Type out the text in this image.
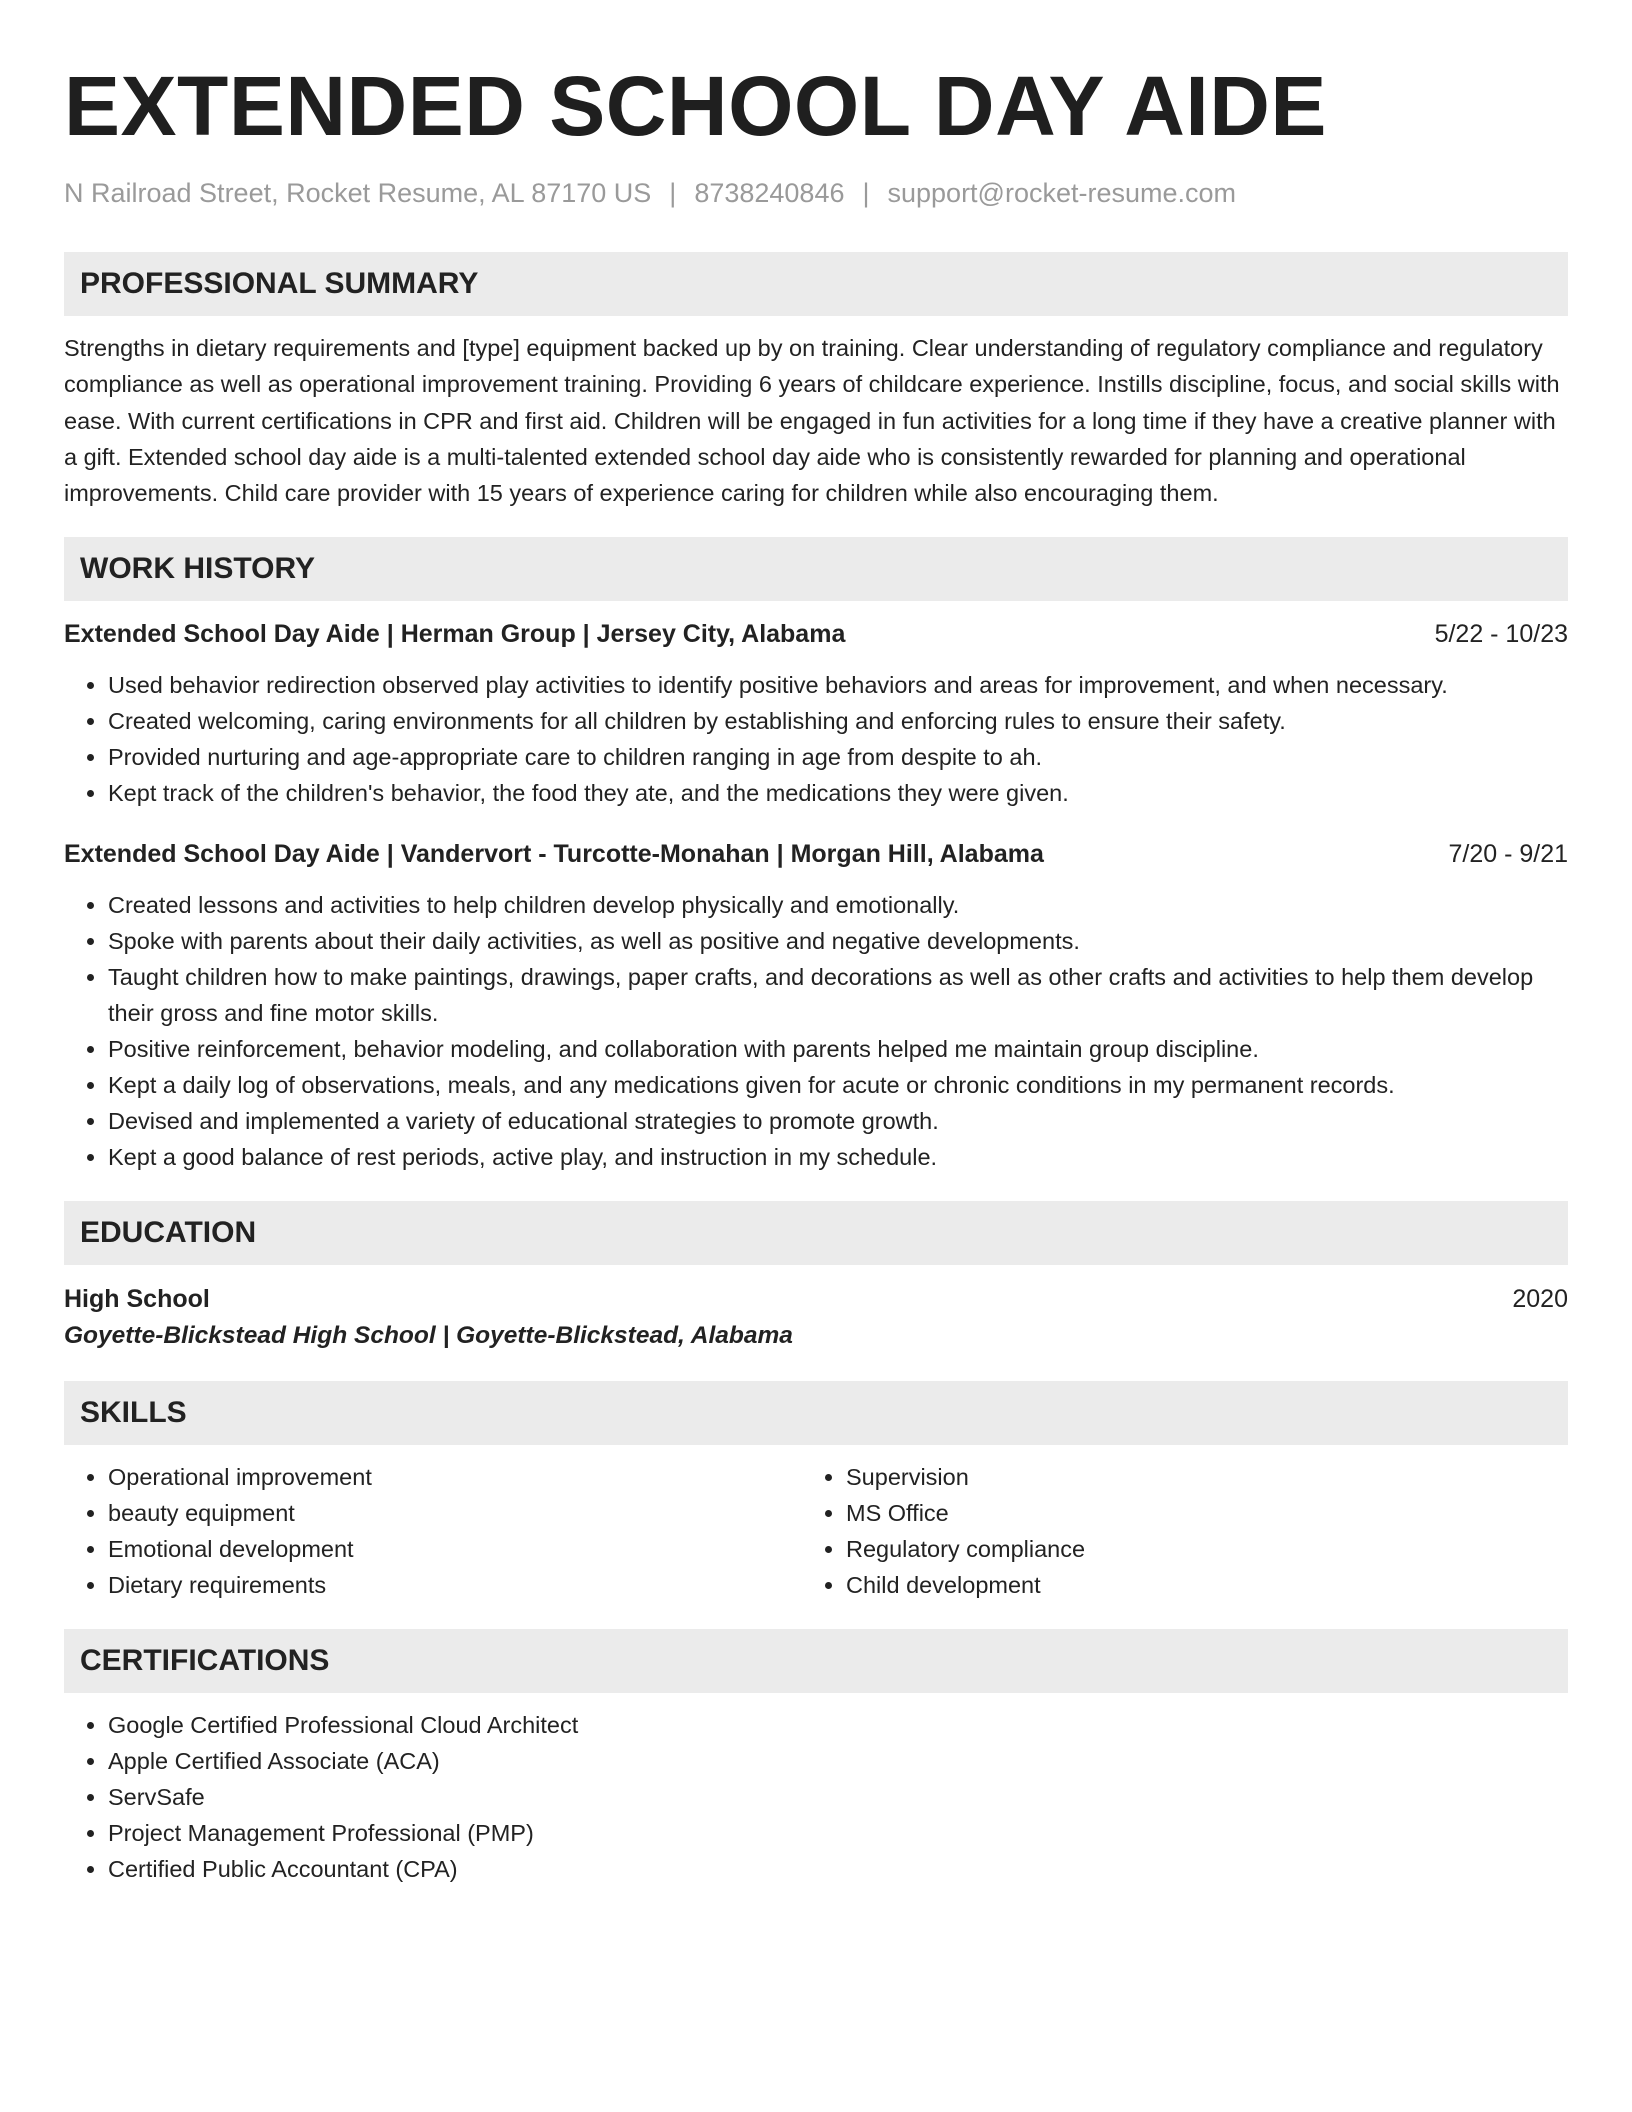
EXTENDED SCHOOL DAY AIDE
N Railroad Street, Rocket Resume, AL 87170 US | 8738240846 | support@rocket-resume.com
PROFESSIONAL SUMMARY

Strengths in dietary requirements and [type] equipment backed up by on training. Clear understanding of regulatory compliance and regulatory compliance as well as operational improvement training. Providing 6 years of childcare experience. Instills discipline, focus, and social skills with ease. With current certifications in CPR and first aid. Children will be engaged in fun activities for a long time if they have a creative planner with a gift. Extended school day aide is a multi-talented extended school day aide who is consistently rewarded for planning and operational improvements. Child care provider with 15 years of experience caring for children while also encouraging them.

WORK HISTORY
Extended School Day Aide | Herman Group | Jersey City, Alabama	5/22 - 10/23
• Used behavior redirection observed play activities to identify positive behaviors and areas for improvement, and when necessary.
• Created welcoming, caring environments for all children by establishing and enforcing rules to ensure their safety.
• Provided nurturing and age-appropriate care to children ranging in age from despite to ah.
• Kept track of the children's behavior, the food they ate, and the medications they were given.
Extended School Day Aide | Vandervort - Turcotte-Monahan | Morgan Hill, Alabama	7/20 - 9/21
• Created lessons and activities to help children develop physically and emotionally.
• Spoke with parents about their daily activities, as well as positive and negative developments.
• Taught children how to make paintings, drawings, paper crafts, and decorations as well as other crafts and activities to help them develop their gross and fine motor skills.
• Positive reinforcement, behavior modeling, and collaboration with parents helped me maintain group discipline.
• Kept a daily log of observations, meals, and any medications given for acute or chronic conditions in my permanent records.
• Devised and implemented a variety of educational strategies to promote growth.
• Kept a good balance of rest periods, active play, and instruction in my schedule.
EDUCATION
High School	2020
Goyette-Blickstead High School | Goyette-Blickstead, Alabama
SKILLS
• Operational improvement
• beauty equipment
• Emotional development
• Dietary requirements
• Supervision
• MS Office
• Regulatory compliance
• Child development
CERTIFICATIONS
• Google Certified Professional Cloud Architect
• Apple Certified Associate (ACA)
• ServSafe
• Project Management Professional (PMP)
• Certified Public Accountant (CPA)
